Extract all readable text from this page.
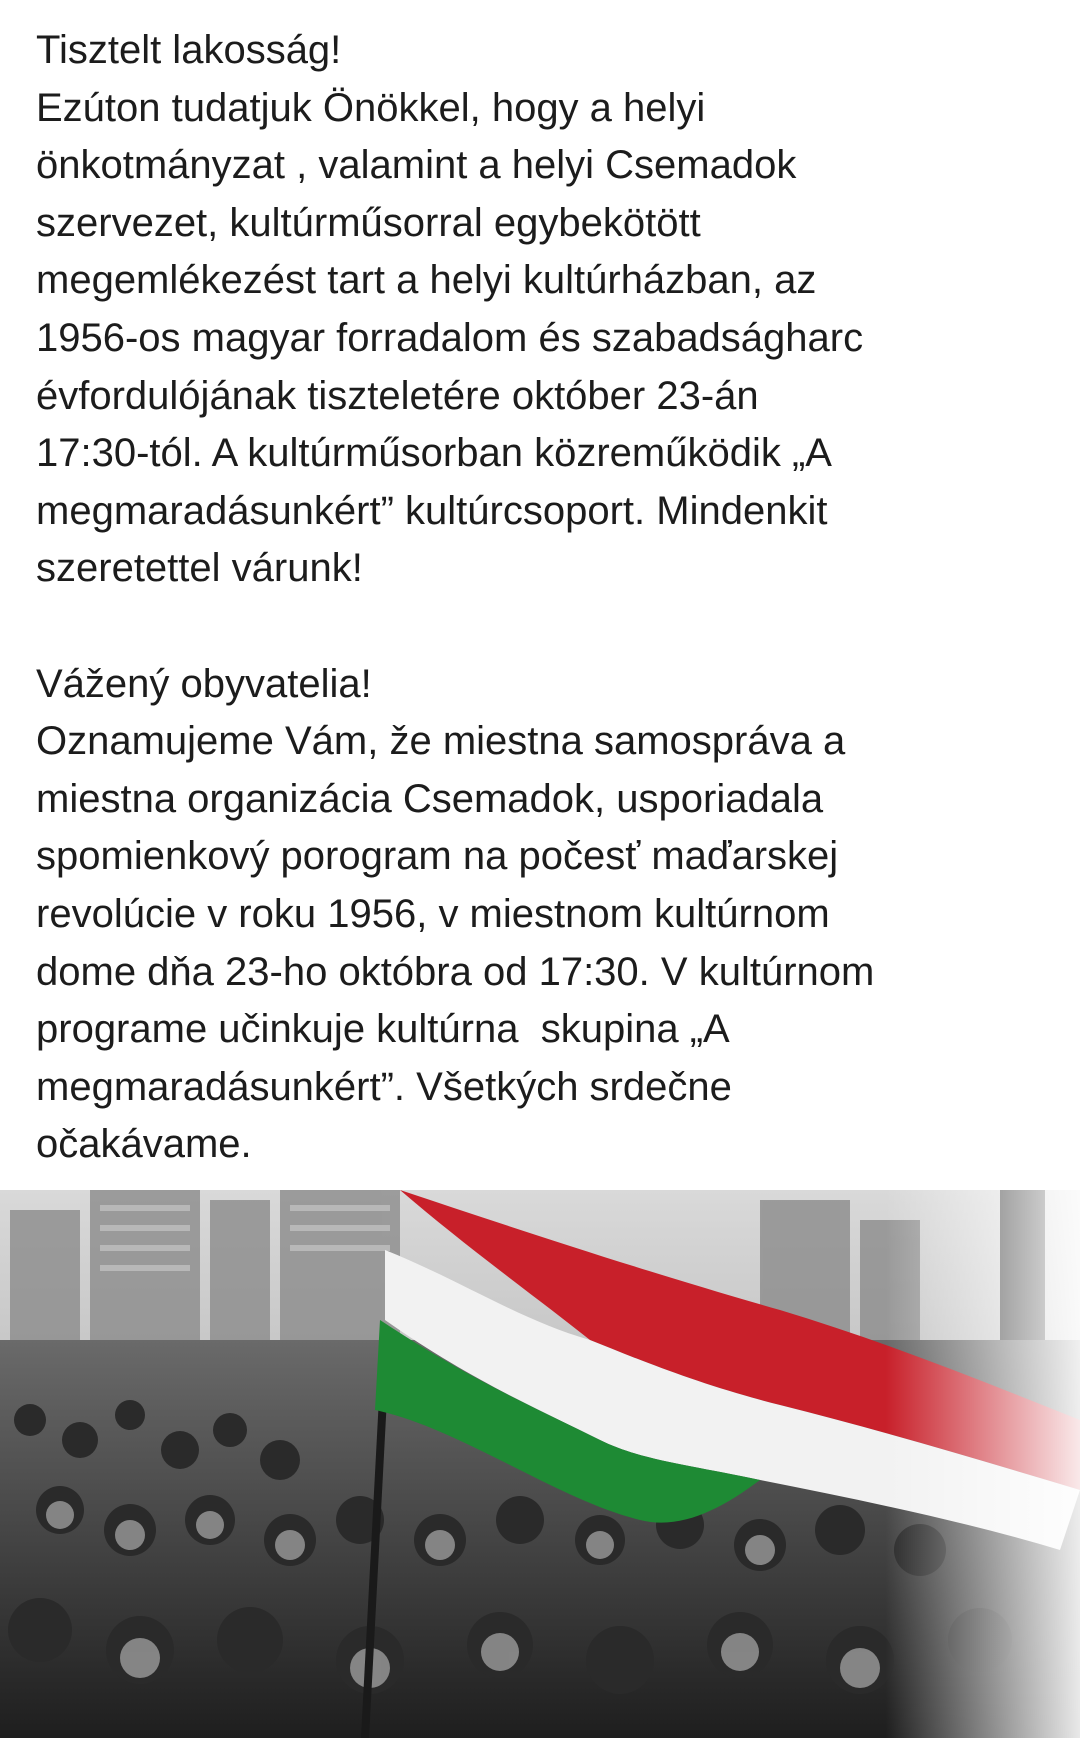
Tisztelt lakosság!

Ezúton tudatjuk Önökkel, hogy a helyi

önkotmányzat , valamint a helyi Csemadok

szervezet, kultúrműsorral egybekötött

megemlékezést tart a helyi kultúrházban, az

1956-os magyar forradalom és szabadságharc

évfordulójának tiszteletére október 23-án

17:30-tól. A kultúrműsorban közreműködik „A

megmaradásunkért” kultúrcsoport. Mindenkit

szeretettel várunk!

Vážený obyvatelia!

Oznamujeme Vám, že miestna samospráva a

miestna organizácia Csemadok, usporiadala

spomienkový porogram na počesť maďarskej

revolúcie v roku 1956, v miestnom kultúrnom

dome dňa 23-ho októbra od 17:30. V kultúrnom

programe učinkuje kultúrna  skupina „A

megmaradásunkért”. Všetkých srdečne

očakávame.
